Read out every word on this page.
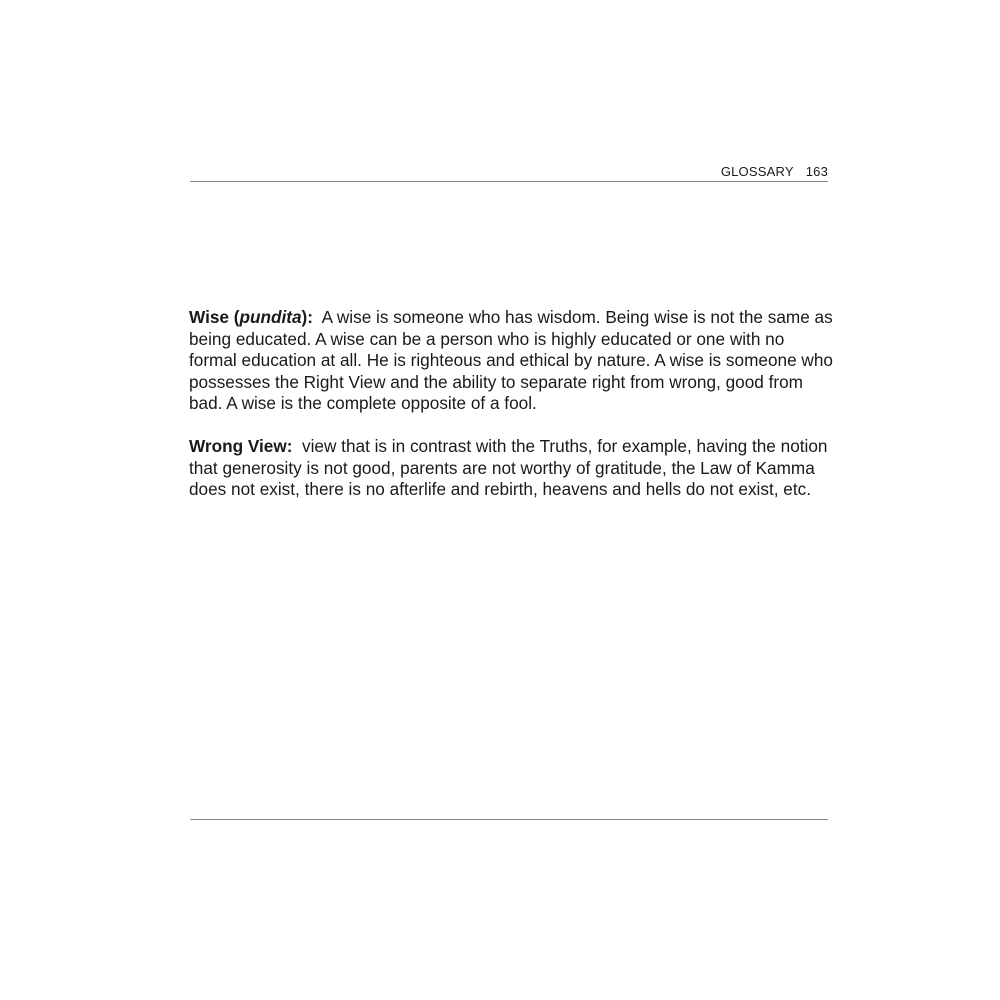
GLOSSARY 163

Wise (pundita): A wise is someone who has wisdom. Being wise is not the same as being educated. A wise can be a person who is highly educated or one with no formal education at all. He is righteous and ethical by nature. A wise is someone who possesses the Right View and the ability to separate right from wrong, good from bad. A wise is the complete opposite of a fool.

Wrong View: view that is in contrast with the Truths, for example, having the notion that generosity is not good, parents are not worthy of gratitude, the Law of Kamma does not exist, there is no afterlife and rebirth, heavens and hells do not exist, etc.
